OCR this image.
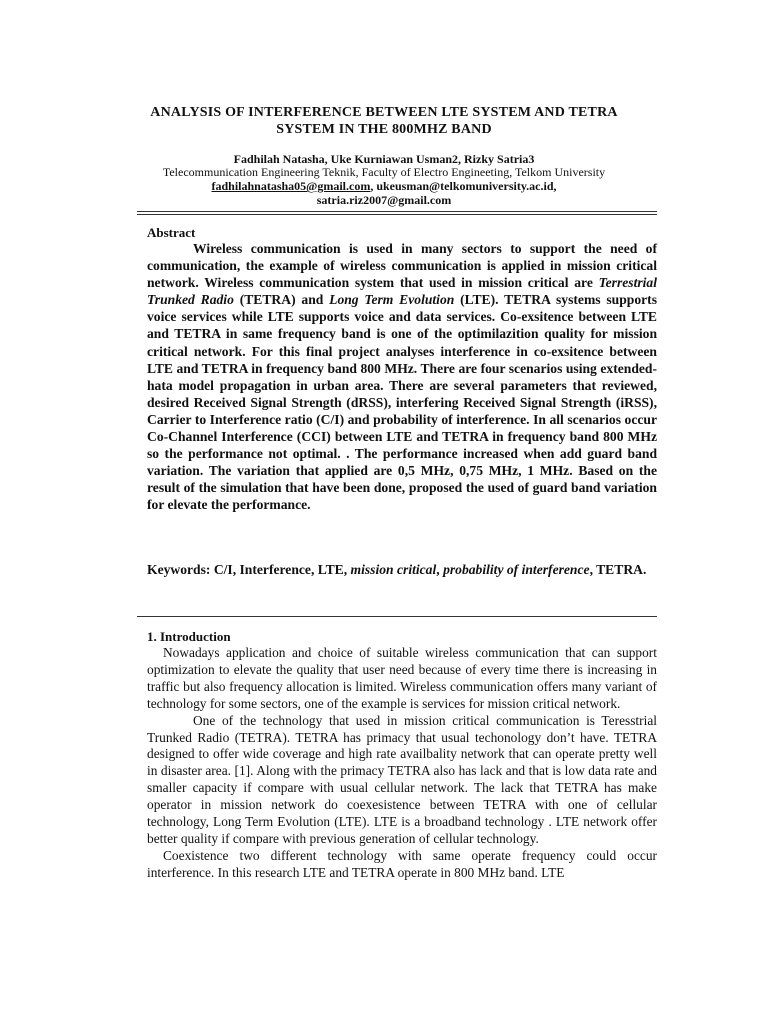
ANALYSIS OF INTERFERENCE BETWEEN LTE SYSTEM AND TETRA
SYSTEM IN THE 800MHZ BAND
Fadhilah Natasha, Uke Kurniawan Usman2, Rizky Satria3
Telecommunication Engineering Teknik, Faculty of Electro Engineeting, Telkom University
fadhilahnatasha05@gmail.com, ukeusman@telkomuniversity.ac.id,
satria.riz2007@gmail.com
Abstract

Wireless communication is used in many sectors to support the need of communication, the example of wireless communication is applied in mission critical network. Wireless communication system that used in mission critical are Terrestrial Trunked Radio (TETRA) and Long Term Evolution (LTE). TETRA systems supports voice services while LTE supports voice and data services. Co-exsitence between LTE and TETRA in same frequency band is one of the optimilazition quality for mission critical network. For this final project analyses interference in co-exsitence between LTE and TETRA in frequency band 800 MHz. There are four scenarios using extended-hata model propagation in urban area. There are several parameters that reviewed, desired Received Signal Strength (dRSS), interfering Received Signal Strength (iRSS), Carrier to Interference ratio (C/I) and probability of interference. In all scenarios occur Co-Channel Interference (CCI) between LTE and TETRA in frequency band 800 MHz so the performance not optimal. . The performance increased when add guard band variation. The variation that applied are 0,5 MHz, 0,75 MHz, 1 MHz. Based on the result of the simulation that have been done, proposed the used of guard band variation for elevate the performance.

Keywords: C/I, Interference, LTE, mission critical, probability of interference, TETRA.
1. Introduction

Nowadays application and choice of suitable wireless communication that can support optimization to elevate the quality that user need because of every time there is increasing in traffic but also frequency allocation is limited. Wireless communication offers many variant of technology for some sectors, one of the example is services for mission critical network.

One of the technology that used in mission critical communication is Teresstrial Trunked Radio (TETRA). TETRA has primacy that usual techonology don’t have. TETRA designed to offer wide coverage and high rate availbality network that can operate pretty well in disaster area. [1]. Along with the primacy TETRA also has lack and that is low data rate and smaller capacity if compare with usual cellular network. The lack that TETRA has make operator in mission network do coexesistence between TETRA with one of cellular technology, Long Term Evolution (LTE). LTE is a broadband technology . LTE network offer better quality if compare with previous generation of cellular technology.

Coexistence two different technology with same operate frequency could occur interference. In this research LTE and TETRA operate in 800 MHz band. LTE
